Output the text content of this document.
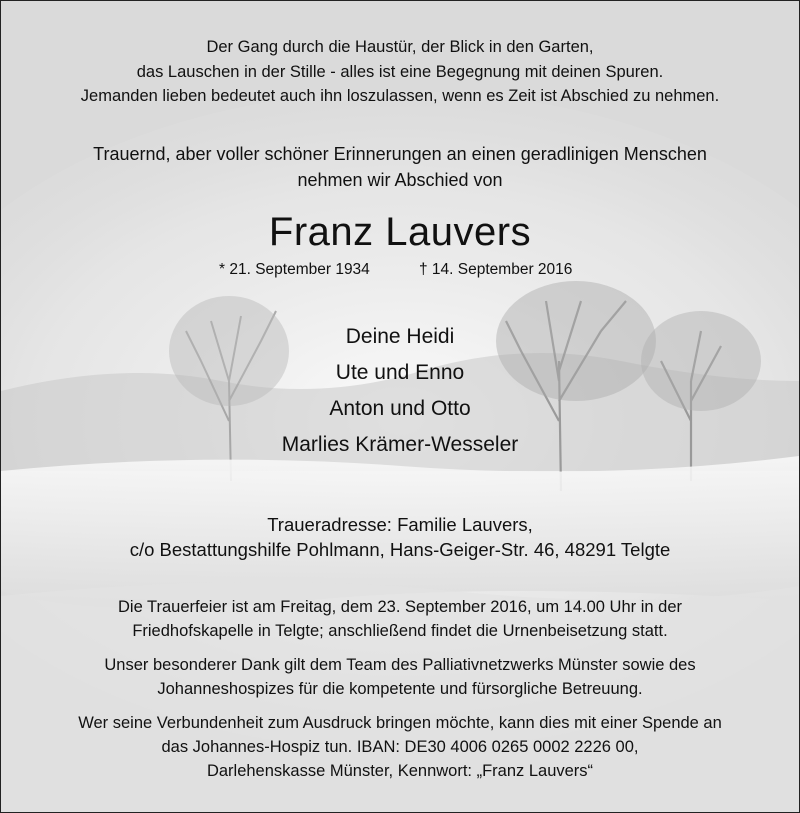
Der Gang durch die Haustür, der Blick in den Garten,
das Lauschen in der Stille - alles ist eine Begegnung mit deinen Spuren.
Jemanden lieben bedeutet auch ihn loszulassen, wenn es Zeit ist Abschied zu nehmen.
Trauernd, aber voller schöner Erinnerungen an einen geradlinigen Menschen
nehmen wir Abschied von
Franz Lauvers
* 21. September 1934	† 14. September 2016
Deine Heidi
Ute und Enno
Anton und Otto
Marlies Krämer-Wesseler
Traueradresse: Familie Lauvers,
c/o Bestattungshilfe Pohlmann, Hans-Geiger-Str. 46, 48291 Telgte
Die Trauerfeier ist am Freitag, dem 23. September 2016, um 14.00 Uhr in der
Friedhofskapelle in Telgte; anschließend findet die Urnenbeisetzung statt.
Unser besonderer Dank gilt dem Team des Palliativnetzwerks Münster sowie des
Johanneshospizes für die kompetente und fürsorgliche Betreuung.
Wer seine Verbundenheit zum Ausdruck bringen möchte, kann dies mit einer Spende an
das Johannes-Hospiz tun. IBAN: DE30 4006 0265 0002 2226 00,
Darlehenskasse Münster, Kennwort: „Franz Lauvers“
